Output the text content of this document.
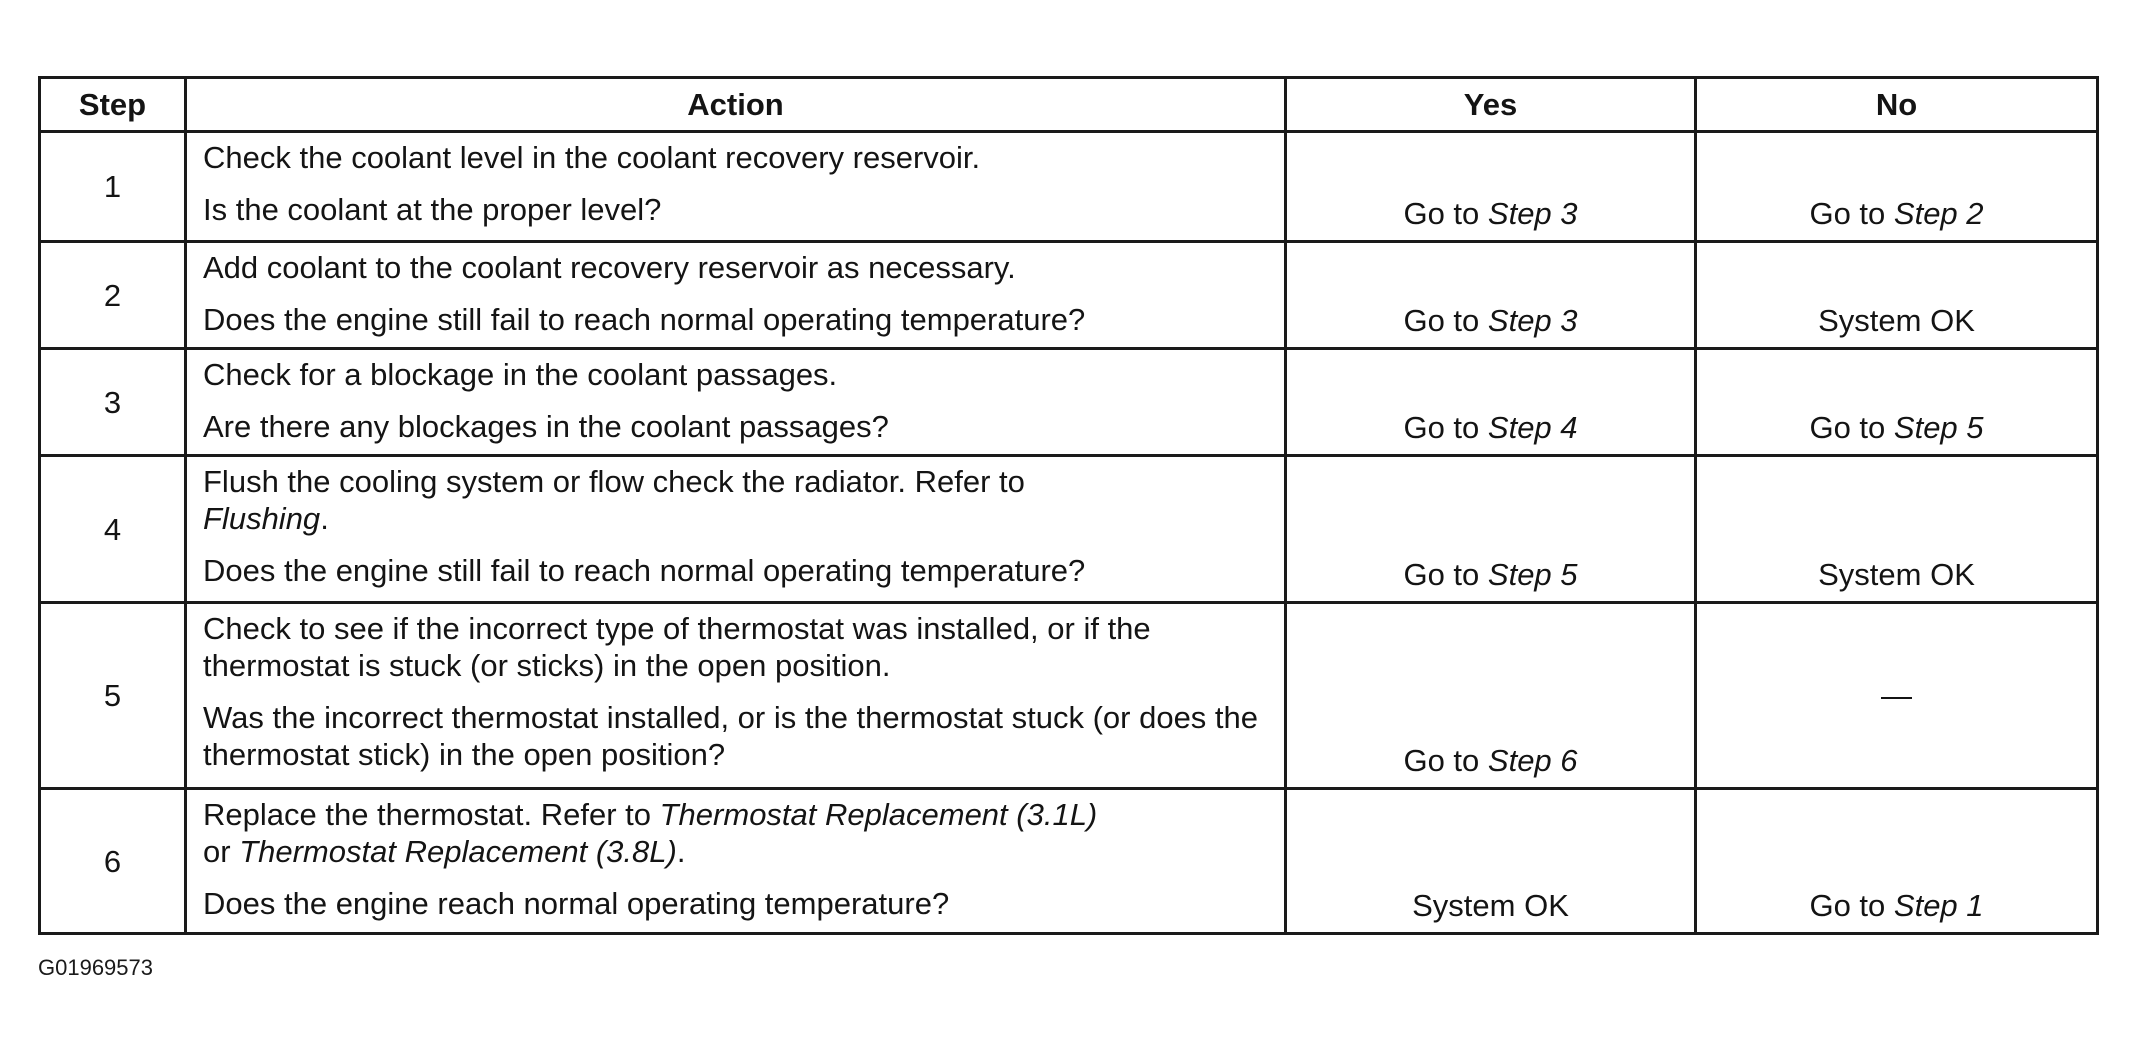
Step	Action	Yes	No
1	Check the coolant level in the coolant recovery reservoir.

Is the coolant at the proper level?	Go to Step 3	Go to Step 2
2	Add coolant to the coolant recovery reservoir as necessary.

Does the engine still fail to reach normal operating temperature?	Go to Step 3	System OK
3	Check for a blockage in the coolant passages.

Are there any blockages in the coolant passages?	Go to Step 4	Go to Step 5
4	Flush the cooling system or flow check the radiator. Refer to
Flushing.

Does the engine still fail to reach normal operating temperature?	Go to Step 5	System OK
5	Check to see if the incorrect type of thermostat was installed, or if the thermostat is stuck (or sticks) in the open position.

Was the incorrect thermostat installed, or is the thermostat stuck (or does the thermostat stick) in the open position?	Go to Step 6	—
6	Replace the thermostat. Refer to Thermostat Replacement (3.1L)
or Thermostat Replacement (3.8L).

Does the engine reach normal operating temperature?	System OK	Go to Step 1
G01969573
